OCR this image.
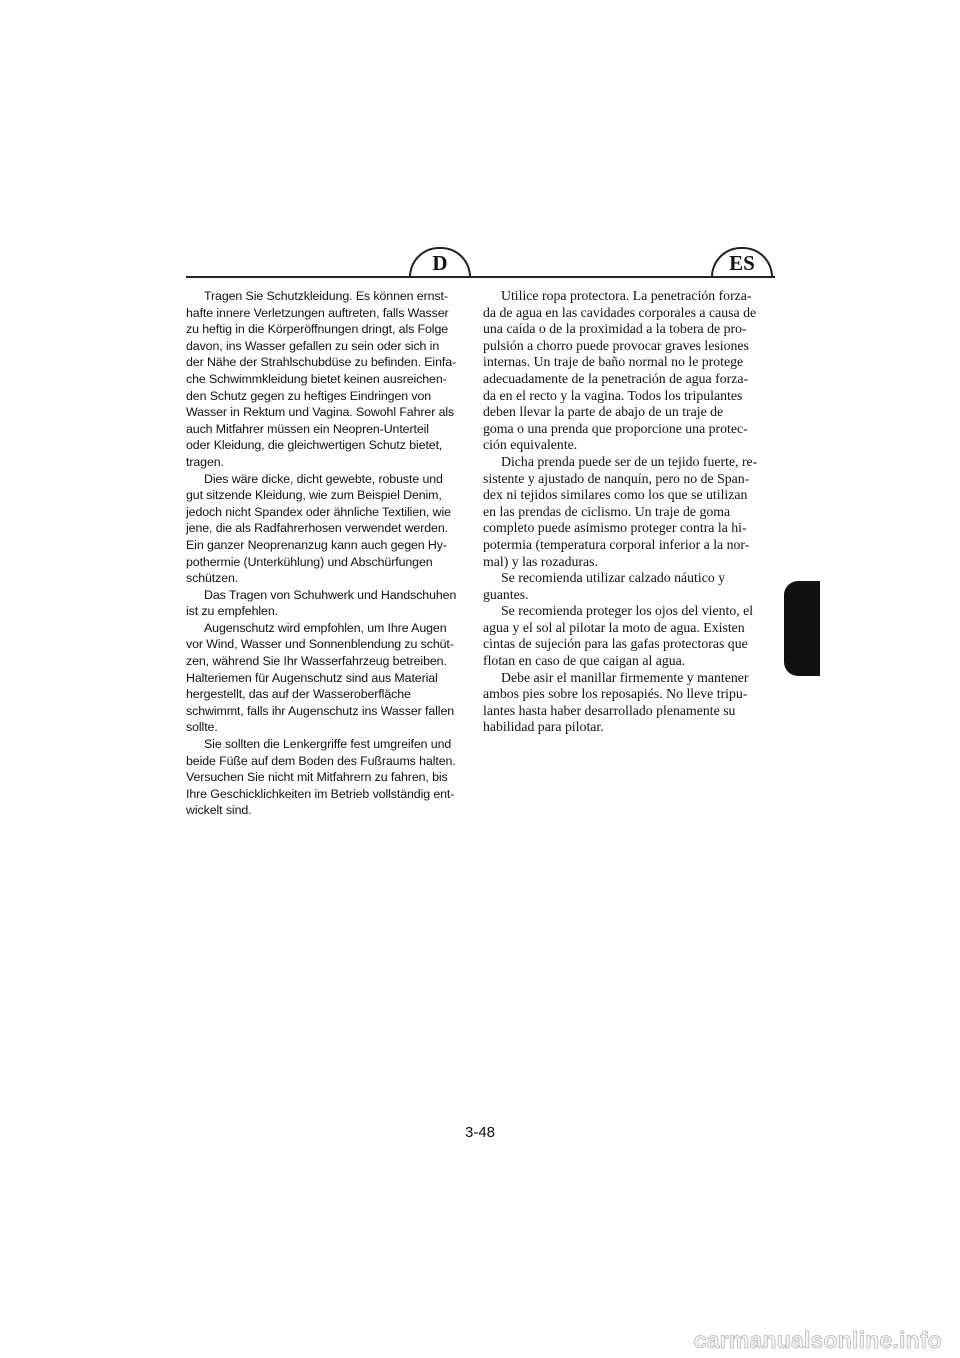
D	ES

Tragen Sie Schutzkleidung. Es können ernst-
hafte innere Verletzungen auftreten, falls Wasser
zu heftig in die Körperöffnungen dringt, als Folge
davon, ins Wasser gefallen zu sein oder sich in
der Nähe der Strahlschubdüse zu befinden. Einfa-
che Schwimmkleidung bietet keinen ausreichen-
den Schutz gegen zu heftiges Eindringen von
Wasser in Rektum und Vagina. Sowohl Fahrer als
auch Mitfahrer müssen ein Neopren-Unterteil
oder Kleidung, die gleichwertigen Schutz bietet,
tragen.

Dies wäre dicke, dicht gewebte, robuste und
gut sitzende Kleidung, wie zum Beispiel Denim,
jedoch nicht Spandex oder ähnliche Textilien, wie
jene, die als Radfahrerhosen verwendet werden.
Ein ganzer Neoprenanzug kann auch gegen Hy-
pothermie (Unterkühlung) und Abschürfungen
schützen.

Das Tragen von Schuhwerk und Handschuhen
ist zu empfehlen.

Augenschutz wird empfohlen, um Ihre Augen
vor Wind, Wasser und Sonnenblendung zu schüt-
zen, während Sie Ihr Wasserfahrzeug betreiben.
Halteriemen für Augenschutz sind aus Material
hergestellt, das auf der Wasseroberfläche
schwimmt, falls ihr Augenschutz ins Wasser fallen
sollte.

Sie sollten die Lenkergriffe fest umgreifen und
beide Füße auf dem Boden des Fußraums halten.
Versuchen Sie nicht mit Mitfahrern zu fahren, bis
Ihre Geschicklichkeiten im Betrieb vollständig ent-
wickelt sind.

Utilice ropa protectora. La penetración forza-
da de agua en las cavidades corporales a causa de
una caída o de la proximidad a la tobera de pro-
pulsión a chorro puede provocar graves lesiones
internas. Un traje de baño normal no le protege
adecuadamente de la penetración de agua forza-
da en el recto y la vagina. Todos los tripulantes
deben llevar la parte de abajo de un traje de
goma o una prenda que proporcione una protec-
ción equivalente.

Dicha prenda puede ser de un tejido fuerte, re-
sistente y ajustado de nanquín, pero no de Span-
dex ni tejidos similares como los que se utilizan
en las prendas de ciclismo. Un traje de goma
completo puede asimismo proteger contra la hi-
potermia (temperatura corporal inferior a la nor-
mal) y las rozaduras.

Se recomienda utilizar calzado náutico y
guantes.

Se recomienda proteger los ojos del viento, el
agua y el sol al pilotar la moto de agua. Existen
cintas de sujeción para las gafas protectoras que
flotan en caso de que caigan al agua.

Debe asir el manillar firmemente y mantener
ambos pies sobre los reposapiés. No lleve tripu-
lantes hasta haber desarrollado plenamente su
habilidad para pilotar.

3-48
carmanualsonline.info
